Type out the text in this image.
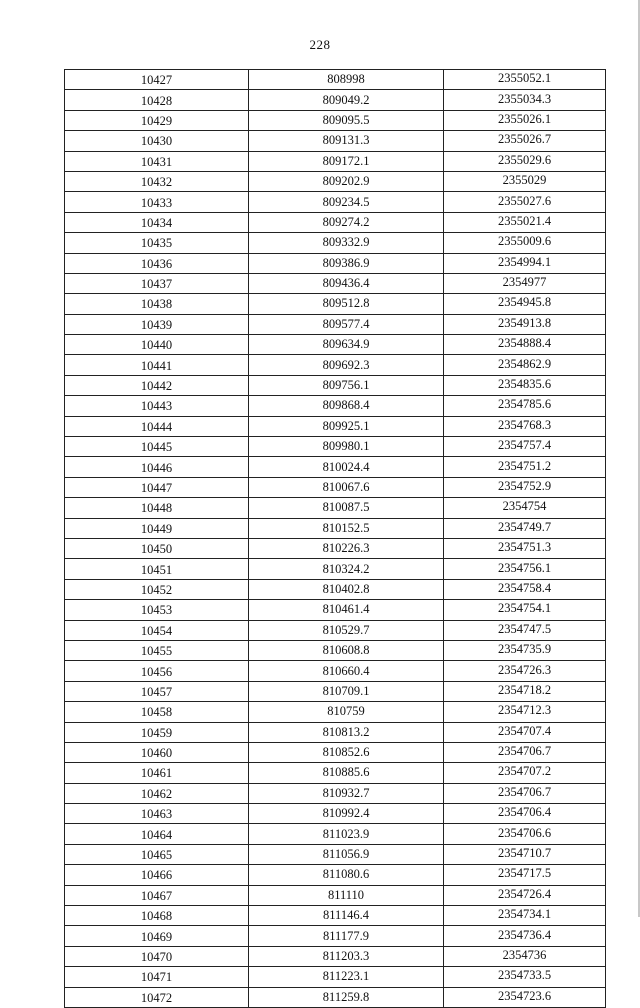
228
10427	808998	2355052.1
10428	809049.2	2355034.3
10429	809095.5	2355026.1
10430	809131.3	2355026.7
10431	809172.1	2355029.6
10432	809202.9	2355029
10433	809234.5	2355027.6
10434	809274.2	2355021.4
10435	809332.9	2355009.6
10436	809386.9	2354994.1
10437	809436.4	2354977
10438	809512.8	2354945.8
10439	809577.4	2354913.8
10440	809634.9	2354888.4
10441	809692.3	2354862.9
10442	809756.1	2354835.6
10443	809868.4	2354785.6
10444	809925.1	2354768.3
10445	809980.1	2354757.4
10446	810024.4	2354751.2
10447	810067.6	2354752.9
10448	810087.5	2354754
10449	810152.5	2354749.7
10450	810226.3	2354751.3
10451	810324.2	2354756.1
10452	810402.8	2354758.4
10453	810461.4	2354754.1
10454	810529.7	2354747.5
10455	810608.8	2354735.9
10456	810660.4	2354726.3
10457	810709.1	2354718.2
10458	810759	2354712.3
10459	810813.2	2354707.4
10460	810852.6	2354706.7
10461	810885.6	2354707.2
10462	810932.7	2354706.7
10463	810992.4	2354706.4
10464	811023.9	2354706.6
10465	811056.9	2354710.7
10466	811080.6	2354717.5
10467	811110	2354726.4
10468	811146.4	2354734.1
10469	811177.9	2354736.4
10470	811203.3	2354736
10471	811223.1	2354733.5
10472	811259.8	2354723.6
